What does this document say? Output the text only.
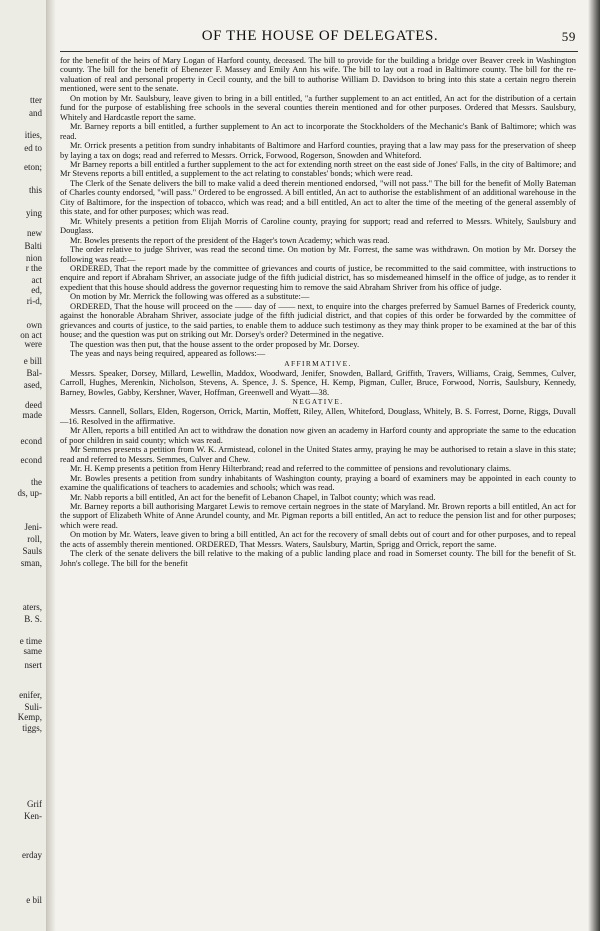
tter
and
ities,
ed to
eton;
this
ying
new
Balti
nion
r the
act
ed,
ri-d,
own
on act
were
e bill
Bal-
ased,
deed
made
econd
econd
the
ds, up-
Jeni-
roll,
Sauls
sman,
aters,
B. S.
e time
same
nsert
enifer,
Suli-
Kemp,
tiggs,
Grif
Ken-
erday
e bil
OF THE HOUSE OF DELEGATES.	59

for the benefit of the heirs of Mary Logan of Harford county, deceased. The bill to provide for the building a bridge over Beaver creek in Washington county. The bill for the benefit of Ebenezer F. Massey and Emily Ann his wife. The bill to lay out a road in Baltimore county. The bill for the re-valuation of real and personal property in Cecil county, and the bill to authorise William D. Davidson to bring into this state a certain negro therein mentioned, were sent to the senate.

On motion by Mr. Saulsbury, leave given to bring in a bill entitled, "a further supplement to an act entitled, An act for the distribution of a certain fund for the purpose of establishing free schools in the several counties therein mentioned and for other purposes. Ordered that Messrs. Saulsbury, Whitely and Hardcastle report the same.

Mr. Barney reports a bill entitled, a further supplement to An act to incorporate the Stockholders of the Mechanic's Bank of Baltimore; which was read.

Mr. Orrick presents a petition from sundry inhabitants of Baltimore and Harford counties, praying that a law may pass for the preservation of sheep by laying a tax on dogs; read and referred to Messrs. Orrick, Forwood, Rogerson, Snowden and Whiteford.

Mr Barney reports a bill entitled a further supplement to the act for extending north street on the east side of Jones' Falls, in the city of Baltimore; and Mr Stevens reports a bill entitled, a supplement to the act relating to constables' bonds; which were read.

The Clerk of the Senate delivers the bill to make valid a deed therein mentioned endorsed, "will not pass." The bill for the benefit of Molly Bateman of Charles county endorsed, "will pass." Ordered to be engrossed. A bill entitled, An act to authorise the establishment of an additional warehouse in the City of Baltimore, for the inspection of tobacco, which was read; and a bill entitled, An act to alter the time of the meeting of the general assembly of this state, and for other purposes; which was read.

Mr. Whitely presents a petition from Elijah Morris of Caroline county, praying for support; read and referred to Messrs. Whitely, Saulsbury and Douglass.

Mr. Bowles presents the report of the president of the Hager's town Academy; which was read.

The order relative to judge Shriver, was read the second time. On motion by Mr. Forrest, the same was withdrawn. On motion by Mr. Dorsey the following was read:—

ORDERED, That the report made by the committee of grievances and courts of justice, be recommitted to the said committee, with instructions to enquire and report if Abraham Shriver, an associate judge of the fifth judicial district, has so misdemeaned himself in the office of judge, as to render it expedient that this house should address the governor requesting him to remove the said Abraham Shriver from his office of judge.

On motion by Mr. Merrick the following was offered as a substitute:—

ORDERED, That the house will proceed on the —— day of —— next, to enquire into the charges preferred by Samuel Barnes of Frederick county, against the honorable Abraham Shriver, associate judge of the fifth judicial district, and that copies of this order be forwarded by the committee of grievances and courts of justice, to the said parties, to enable them to adduce such testimony as they may think proper to be examined at the bar of this house; and the question was put on striking out Mr. Dorsey's order? Determined in the negative.

The question was then put, that the house assent to the order proposed by Mr. Dorsey.

The yeas and nays being required, appeared as follows:—

AFFIRMATIVE.

Messrs. Speaker, Dorsey, Millard, Lewellin, Maddox, Woodward, Jenifer, Snowden, Ballard, Griffith, Travers, Williams, Craig, Semmes, Culver, Carroll, Hughes, Merenkin, Nicholson, Stevens, A. Spence, J. S. Spence, H. Kemp, Pigman, Culler, Bruce, Forwood, Norris, Saulsbury, Kennedy, Barney, Bowles, Gabby, Kershner, Waver, Hoffman, Greenwell and Wyatt—38.

NEGATIVE.

Messrs. Cannell, Sollars, Elden, Rogerson, Orrick, Martin, Moffett, Riley, Allen, Whiteford, Douglass, Whitely, B. S. Forrest, Dorne, Riggs, Duvall—16. Resolved in the affirmative.

Mr Allen, reports a bill entitled An act to withdraw the donation now given an academy in Harford county and appropriate the same to the education of poor children in said county; which was read.

Mr Semmes presents a petition from W. K. Armistead, colonel in the United States army, praying he may be authorised to retain a slave in this state; read and referred to Messrs. Semmes, Culver and Chew.

Mr. H. Kemp presents a petition from Henry Hilterbrand; read and referred to the committee of pensions and revolutionary claims.

Mr. Bowles presents a petition from sundry inhabitants of Washington county, praying a board of examiners may be appointed in each county to examine the qualifications of teachers to academies and schools; which was read.

Mr. Nabb reports a bill entitled, An act for the benefit of Lebanon Chapel, in Talbot county; which was read.

Mr. Barney reports a bill authorising Margaret Lewis to remove certain negroes in the state of Maryland. Mr. Brown reports a bill entitled, An act for the support of Elizabeth White of Anne Arundel county, and Mr. Pigman reports a bill entitled, An act to reduce the pension list and for other purposes; which were read.

On motion by Mr. Waters, leave given to bring a bill entitled, An act for the recovery of small debts out of court and for other purposes, and to repeal the acts of assembly therein mentioned. ORDERED, That Messrs. Waters, Saulsbury, Martin, Sprigg and Orrick, report the same.

The clerk of the senate delivers the bill relative to the making of a public landing place and road in Somerset county. The bill for the benefit of St. John's college. The bill for the benefit
